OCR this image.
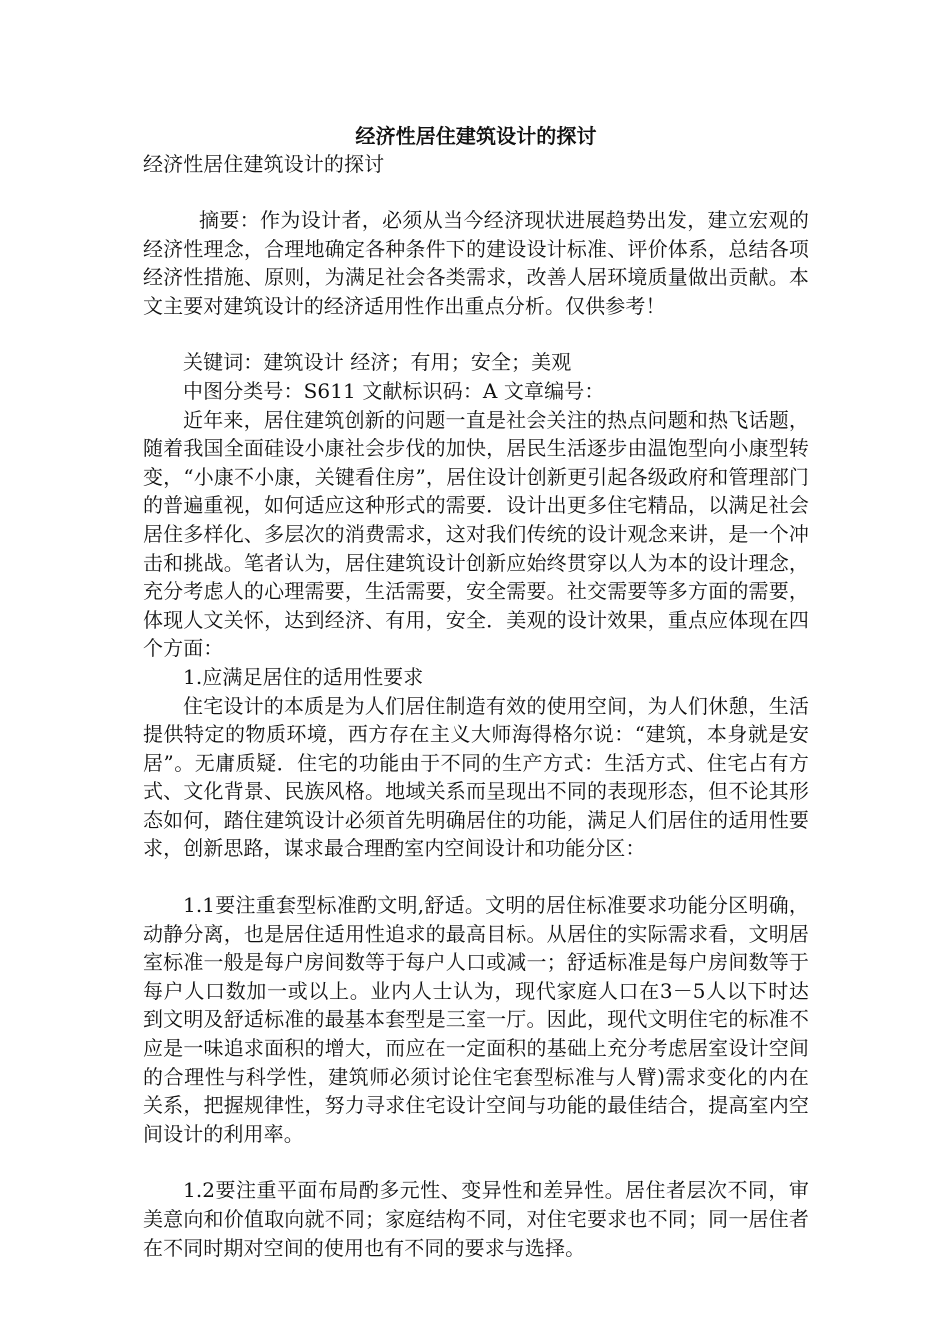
经济性居住建筑设计的探讨

经济性居住建筑设计的探讨

摘要：作为设计者，必须从当今经济现状进展趋势出发，建立宏观的经济性理念，合理地确定各种条件下的建设设计标准、评价体系，总结各项经济性措施、原则，为满足社会各类需求，改善人居环境质量做出贡献。本文主要对建筑设计的经济适用性作出重点分析。仅供参考！

关键词：建筑设计 经济；有用；安全；美观

中图分类号：S611 文献标识码：A 文章编号：

近年来，居住建筑创新的问题一直是社会关注的热点问题和热飞话题，随着我国全面硅设小康社会步伐的加快，居民生活逐步由温饱型向小康型转变，“小康不小康，关键看住房”，居住设计创新更引起各级政府和管理部门的普遍重视，如何适应这种形式的需要．设计出更多住宅精品，以满足社会居住多样化、多层次的消费需求，这对我们传统的设计观念来讲，是一个冲击和挑战。笔者认为，居住建筑设计创新应始终贯穿以人为本的设计理念，充分考虑人的心理需要，生活需要，安全需要。社交需要等多方面的需要，体现人文关怀，达到经济、有用，安全．美观的设计效果，重点应体现在四个方面：

1.应满足居住的适用性要求

住宅设计的本质是为人们居住制造有效的使用空间，为人们休憩，生活提供特定的物质环境，西方存在主义大师海得格尔说：“建筑，本身就是安居”。无庸质疑．住宅的功能由于不同的生产方式：生活方式、住宅占有方式、文化背景、民族风格。地域关系而呈现出不同的表现形态，但不论其形态如何，踏住建筑设计必须首先明确居住的功能，满足人们居住的适用性要求，创新思路，谋求最合理酌室内空间设计和功能分区：

1.1要注重套型标准酌文明,舒适。文明的居住标准要求功能分区明确，动静分离，也是居住适用性追求的最高目标。从居住的实际需求看，文明居室标准一般是每户房间数等于每户人口或减一；舒适标准是每户房间数等于每户人口数加一或以上。业内人士认为，现代家庭人口在3－5人以下时达到文明及舒适标准的最基本套型是三室一厅。因此，现代文明住宅的标准不应是一味追求面积的增大，而应在一定面积的基础上充分考虑居室设计空间的合理性与科学性，建筑师必须讨论住宅套型标准与人臂)需求变化的内在关系，把握规律性，努力寻求住宅设计空间与功能的最佳结合，提高室内空间设计的利用率。

1.2要注重平面布局酌多元性、变异性和差异性。居住者层次不同，审美意向和价值取向就不同；家庭结构不同，对住宅要求也不同；同一居住者在不同时期对空间的使用也有不同的要求与选择。
